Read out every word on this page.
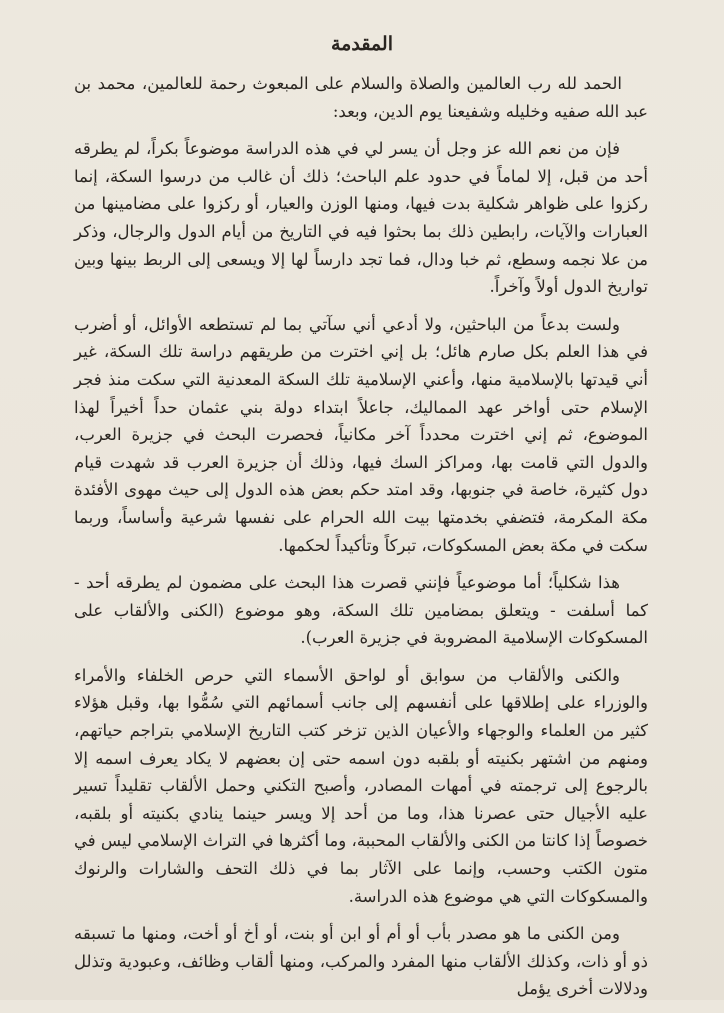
المقدمة

الحمد لله رب العالمين والصلاة والسلام على المبعوث رحمة للعالمين، محمد بن عبد الله صفيه وخليله وشفيعنا يوم الدين، وبعد:

فإن من نعم الله عز وجل أن يسر لي في هذه الدراسة موضوعاً بكراً، لم يطرقه أحد من قبل، إلا لماماً في حدود علم الباحث؛ ذلك أن غالب من درسوا السكة، إنما ركزوا على ظواهر شكلية بدت فيها، ومنها الوزن والعيار، أو ركزوا على مضامينها من العبارات والآيات، رابطين ذلك بما بحثوا فيه في التاريخ من أيام الدول والرجال، وذكر من علا نجمه وسطع، ثم خبا ودال، فما تجد دارساً لها إلا ويسعى إلى الربط بينها وبين تواريخ الدول أولاً وآخراً.

ولست بدعاً من الباحثين، ولا أدعي أني سآتي بما لم تستطعه الأوائل، أو أضرب في هذا العلم بكل صارم هائل؛ بل إني اخترت من طريقهم دراسة تلك السكة، غير أني قيدتها بالإسلامية منها، وأعني الإسلامية تلك السكة المعدنية التي سكت منذ فجر الإسلام حتى أواخر عهد المماليك، جاعلاً ابتداء دولة بني عثمان حداً أخيراً لهذا الموضوع، ثم إني اخترت محدداً آخر مكانياً، فحصرت البحث في جزيرة العرب، والدول التي قامت بها، ومراكز السك فيها، وذلك أن جزيرة العرب قد شهدت قيام دول كثيرة، خاصة في جنوبها، وقد امتد حكم بعض هذه الدول إلى حيث مهوى الأفئدة مكة المكرمة، فتضفي بخدمتها بيت الله الحرام على نفسها شرعية وأساساً، وربما سكت في مكة بعض المسكوكات، تبركاً وتأكيداً لحكمها.

هذا شكلياً؛ أما موضوعياً فإنني قصرت هذا البحث على مضمون لم يطرقه أحد - كما أسلفت - ويتعلق بمضامين تلك السكة، وهو موضوع (الكنى والألقاب على المسكوكات الإسلامية المضروبة في جزيرة العرب).

والكنى والألقاب من سوابق أو لواحق الأسماء التي حرص الخلفاء والأمراء والوزراء على إطلاقها على أنفسهم إلى جانب أسمائهم التي سُمُّوا بها، وقبل هؤلاء كثير من العلماء والوجهاء والأعيان الذين تزخر كتب التاريخ الإسلامي بتراجم حياتهم، ومنهم من اشتهر بكنيته أو بلقبه دون اسمه حتى إن بعضهم لا يكاد يعرف اسمه إلا بالرجوع إلى ترجمته في أمهات المصادر، وأصبح التكني وحمل الألقاب تقليداً تسير عليه الأجيال حتى عصرنا هذا، وما من أحد إلا ويسر حينما ينادي بكنيته أو بلقبه، خصوصاً إذا كانتا من الكنى والألقاب المحببة، وما أكثرها في التراث الإسلامي ليس في متون الكتب وحسب، وإنما على الآثار بما في ذلك التحف والشارات والرنوك والمسكوكات التي هي موضوع هذه الدراسة.

ومن الكنى ما هو مصدر بأب أو أم أو ابن أو بنت، أو أخ أو أخت، ومنها ما تسبقه ذو أو ذات، وكذلك الألقاب منها المفرد والمركب، ومنها ألقاب وظائف، وعبودية وتذلل ودلالات أخرى يؤمل
